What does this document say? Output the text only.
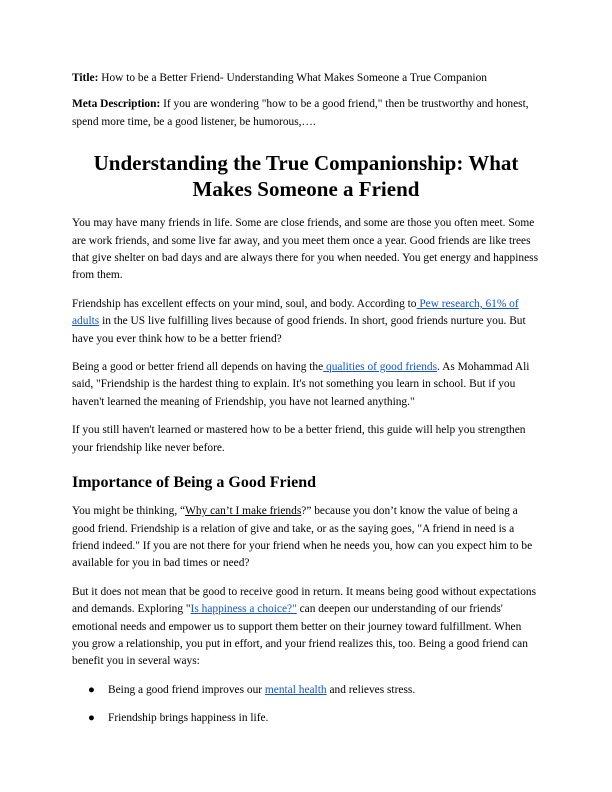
Title: How to be a Better Friend- Understanding What Makes Someone a True Companion

Meta Description: If you are wondering "how to be a good friend," then be trustworthy and honest, spend more time, be a good listener, be humorous,….

Understanding the True Companionship: What Makes Someone a Friend

You may have many friends in life. Some are close friends, and some are those you often meet. Some are work friends, and some live far away, and you meet them once a year. Good friends are like trees that give shelter on bad days and are always there for you when needed. You get energy and happiness from them.

Friendship has excellent effects on your mind, soul, and body. According to Pew research, 61% of adults in the US live fulfilling lives because of good friends. In short, good friends nurture you. But have you ever think how to be a better friend?

Being a good or better friend all depends on having the qualities of good friends. As Mohammad Ali said, "Friendship is the hardest thing to explain. It's not something you learn in school. But if you haven't learned the meaning of Friendship, you have not learned anything."

If you still haven't learned or mastered how to be a better friend, this guide will help you strengthen your friendship like never before.

Importance of Being a Good Friend

You might be thinking, “Why can’t I make friends?” because you don’t know the value of being a good friend. Friendship is a relation of give and take, or as the saying goes, "A friend in need is a friend indeed." If you are not there for your friend when he needs you, how can you expect him to be available for you in bad times or need?

But it does not mean that be good to receive good in return. It means being good without expectations and demands. Exploring "Is happiness a choice?" can deepen our understanding of our friends' emotional needs and empower us to support them better on their journey toward fulfillment. When you grow a relationship, you put in effort, and your friend realizes this, too. Being a good friend can benefit you in several ways:

● Being a good friend improves our mental health and relieves stress.
● Friendship brings happiness in life.
